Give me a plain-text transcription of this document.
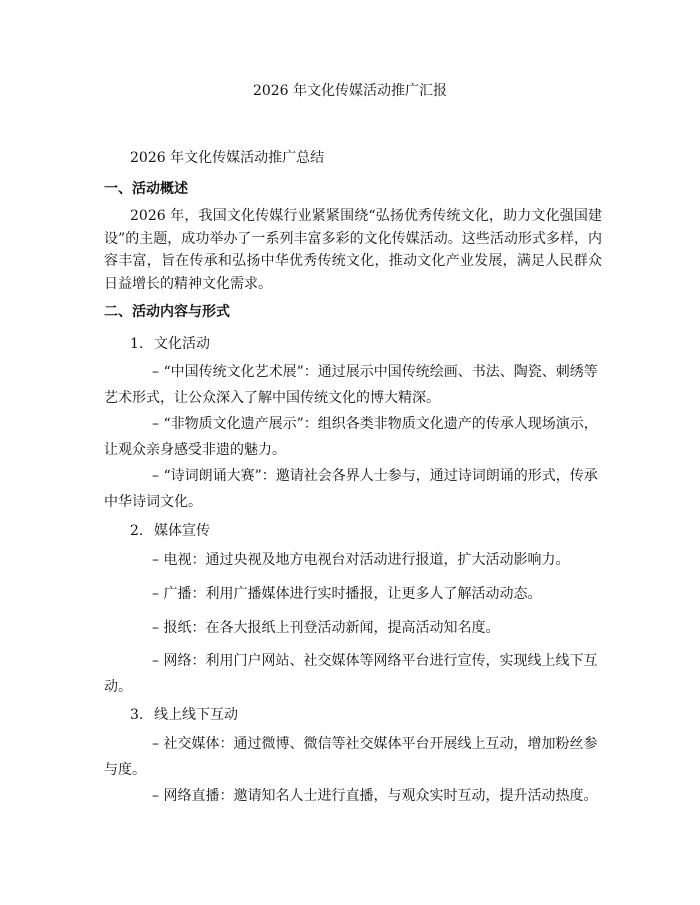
2026 年文化传媒活动推广汇报
2026 年文化传媒活动推广总结
一、活动概述

2026 年，我国文化传媒行业紧紧围绕“弘扬优秀传统文化，助力文化强国建设”的主题，成功举办了一系列丰富多彩的文化传媒活动。这些活动形式多样，内容丰富，旨在传承和弘扬中华优秀传统文化，推动文化产业发展，满足人民群众日益增长的精神文化需求。

二、活动内容与形式
1. 文化活动

– “中国传统文化艺术展”：通过展示中国传统绘画、书法、陶瓷、刺绣等艺术形式，让公众深入了解中国传统文化的博大精深。

– “非物质文化遗产展示”：组织各类非物质文化遗产的传承人现场演示，让观众亲身感受非遗的魅力。

– “诗词朗诵大赛”：邀请社会各界人士参与，通过诗词朗诵的形式，传承中华诗词文化。

2. 媒体宣传

– 电视：通过央视及地方电视台对活动进行报道，扩大活动影响力。

– 广播：利用广播媒体进行实时播报，让更多人了解活动动态。

– 报纸：在各大报纸上刊登活动新闻，提高活动知名度。

– 网络：利用门户网站、社交媒体等网络平台进行宣传，实现线上线下互动。

3. 线上线下互动

– 社交媒体：通过微博、微信等社交媒体平台开展线上互动，增加粉丝参与度。

– 网络直播：邀请知名人士进行直播，与观众实时互动，提升活动热度。
